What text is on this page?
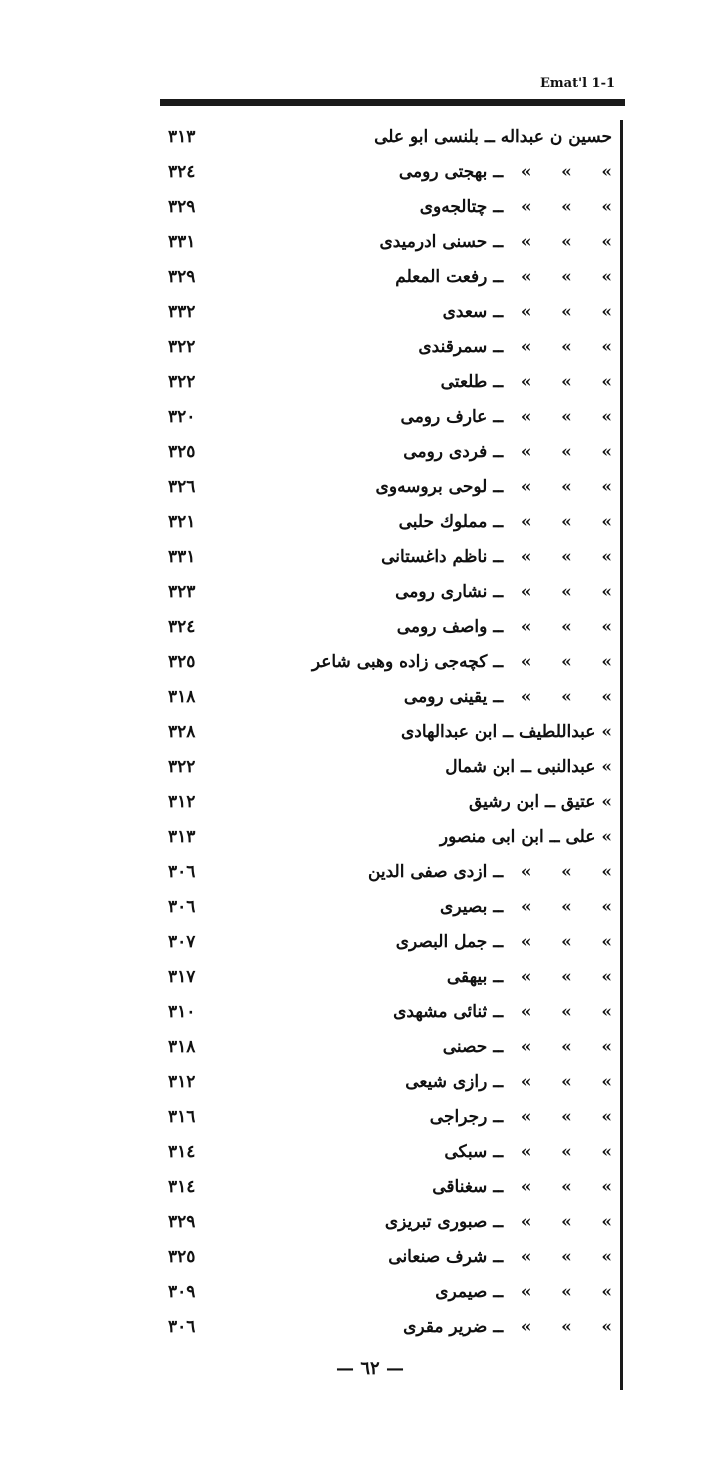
Emat'l 1-1
حسین ن عبداله ــ بلنسی ابو علی
٣١٣
»     »     »   ــ بهجتی رومی
٣٢٤
»     »     »   ــ چتالجه‌وی
٣٢٩
»     »     »   ــ حسنی ادرمیدی
٣٣١
»     »     »   ــ رفعت المعلم
٣٢٩
»     »     »   ــ سعدی
٣٣٢
»     »     »   ــ سمرقندی
٣٢٢
»     »     »   ــ طلعتی
٣٢٢
»     »     »   ــ عارف رومی
٣٢٠
»     »     »   ــ فردی رومی
٣٢٥
»     »     »   ــ لوحی بروسه‌وی
٣٢٦
»     »     »   ــ مملوك حلبی
٣٢١
»     »     »   ــ ناظم داغستانی
٣٣١
»     »     »   ــ نشاری رومی
٣٢٣
»     »     »   ــ واصف رومی
٣٢٤
»     »     »   ــ کچه‌جی زاده وهبی شاعر
٣٢٥
»     »     »   ــ یقینی رومی
٣١٨
» عبداللطیف ــ ابن عبدالهادی
٣٢٨
» عبدالنبی ــ ابن شمال
٣٢٢
» عتیق ــ ابن رشیق
٣١٢
» علی ــ ابن ابی منصور
٣١٣
»     »     »   ــ ازدی صفی الدین
٣٠٦
»     »     »   ــ بصیری
٣٠٦
»     »     »   ــ جمل البصری
٣٠٧
»     »     »   ــ بیهقی
٣١٧
»     »     »   ــ ثنائی مشهدی
٣١٠
»     »     »   ــ حصنی
٣١٨
»     »     »   ــ رازی شیعی
٣١٢
»     »     »   ــ رجراجی
٣١٦
»     »     »   ــ سبکی
٣١٤
»     »     »   ــ سغناقی
٣١٤
»     »     »   ــ صبوری تبریزی
٣٢٩
»     »     »   ــ شرف صنعانی
٣٢٥
»     »     »   ــ صیمری
٣٠٩
»     »     »   ــ ضریر مقری
٣٠٦
— ٦٢ —
